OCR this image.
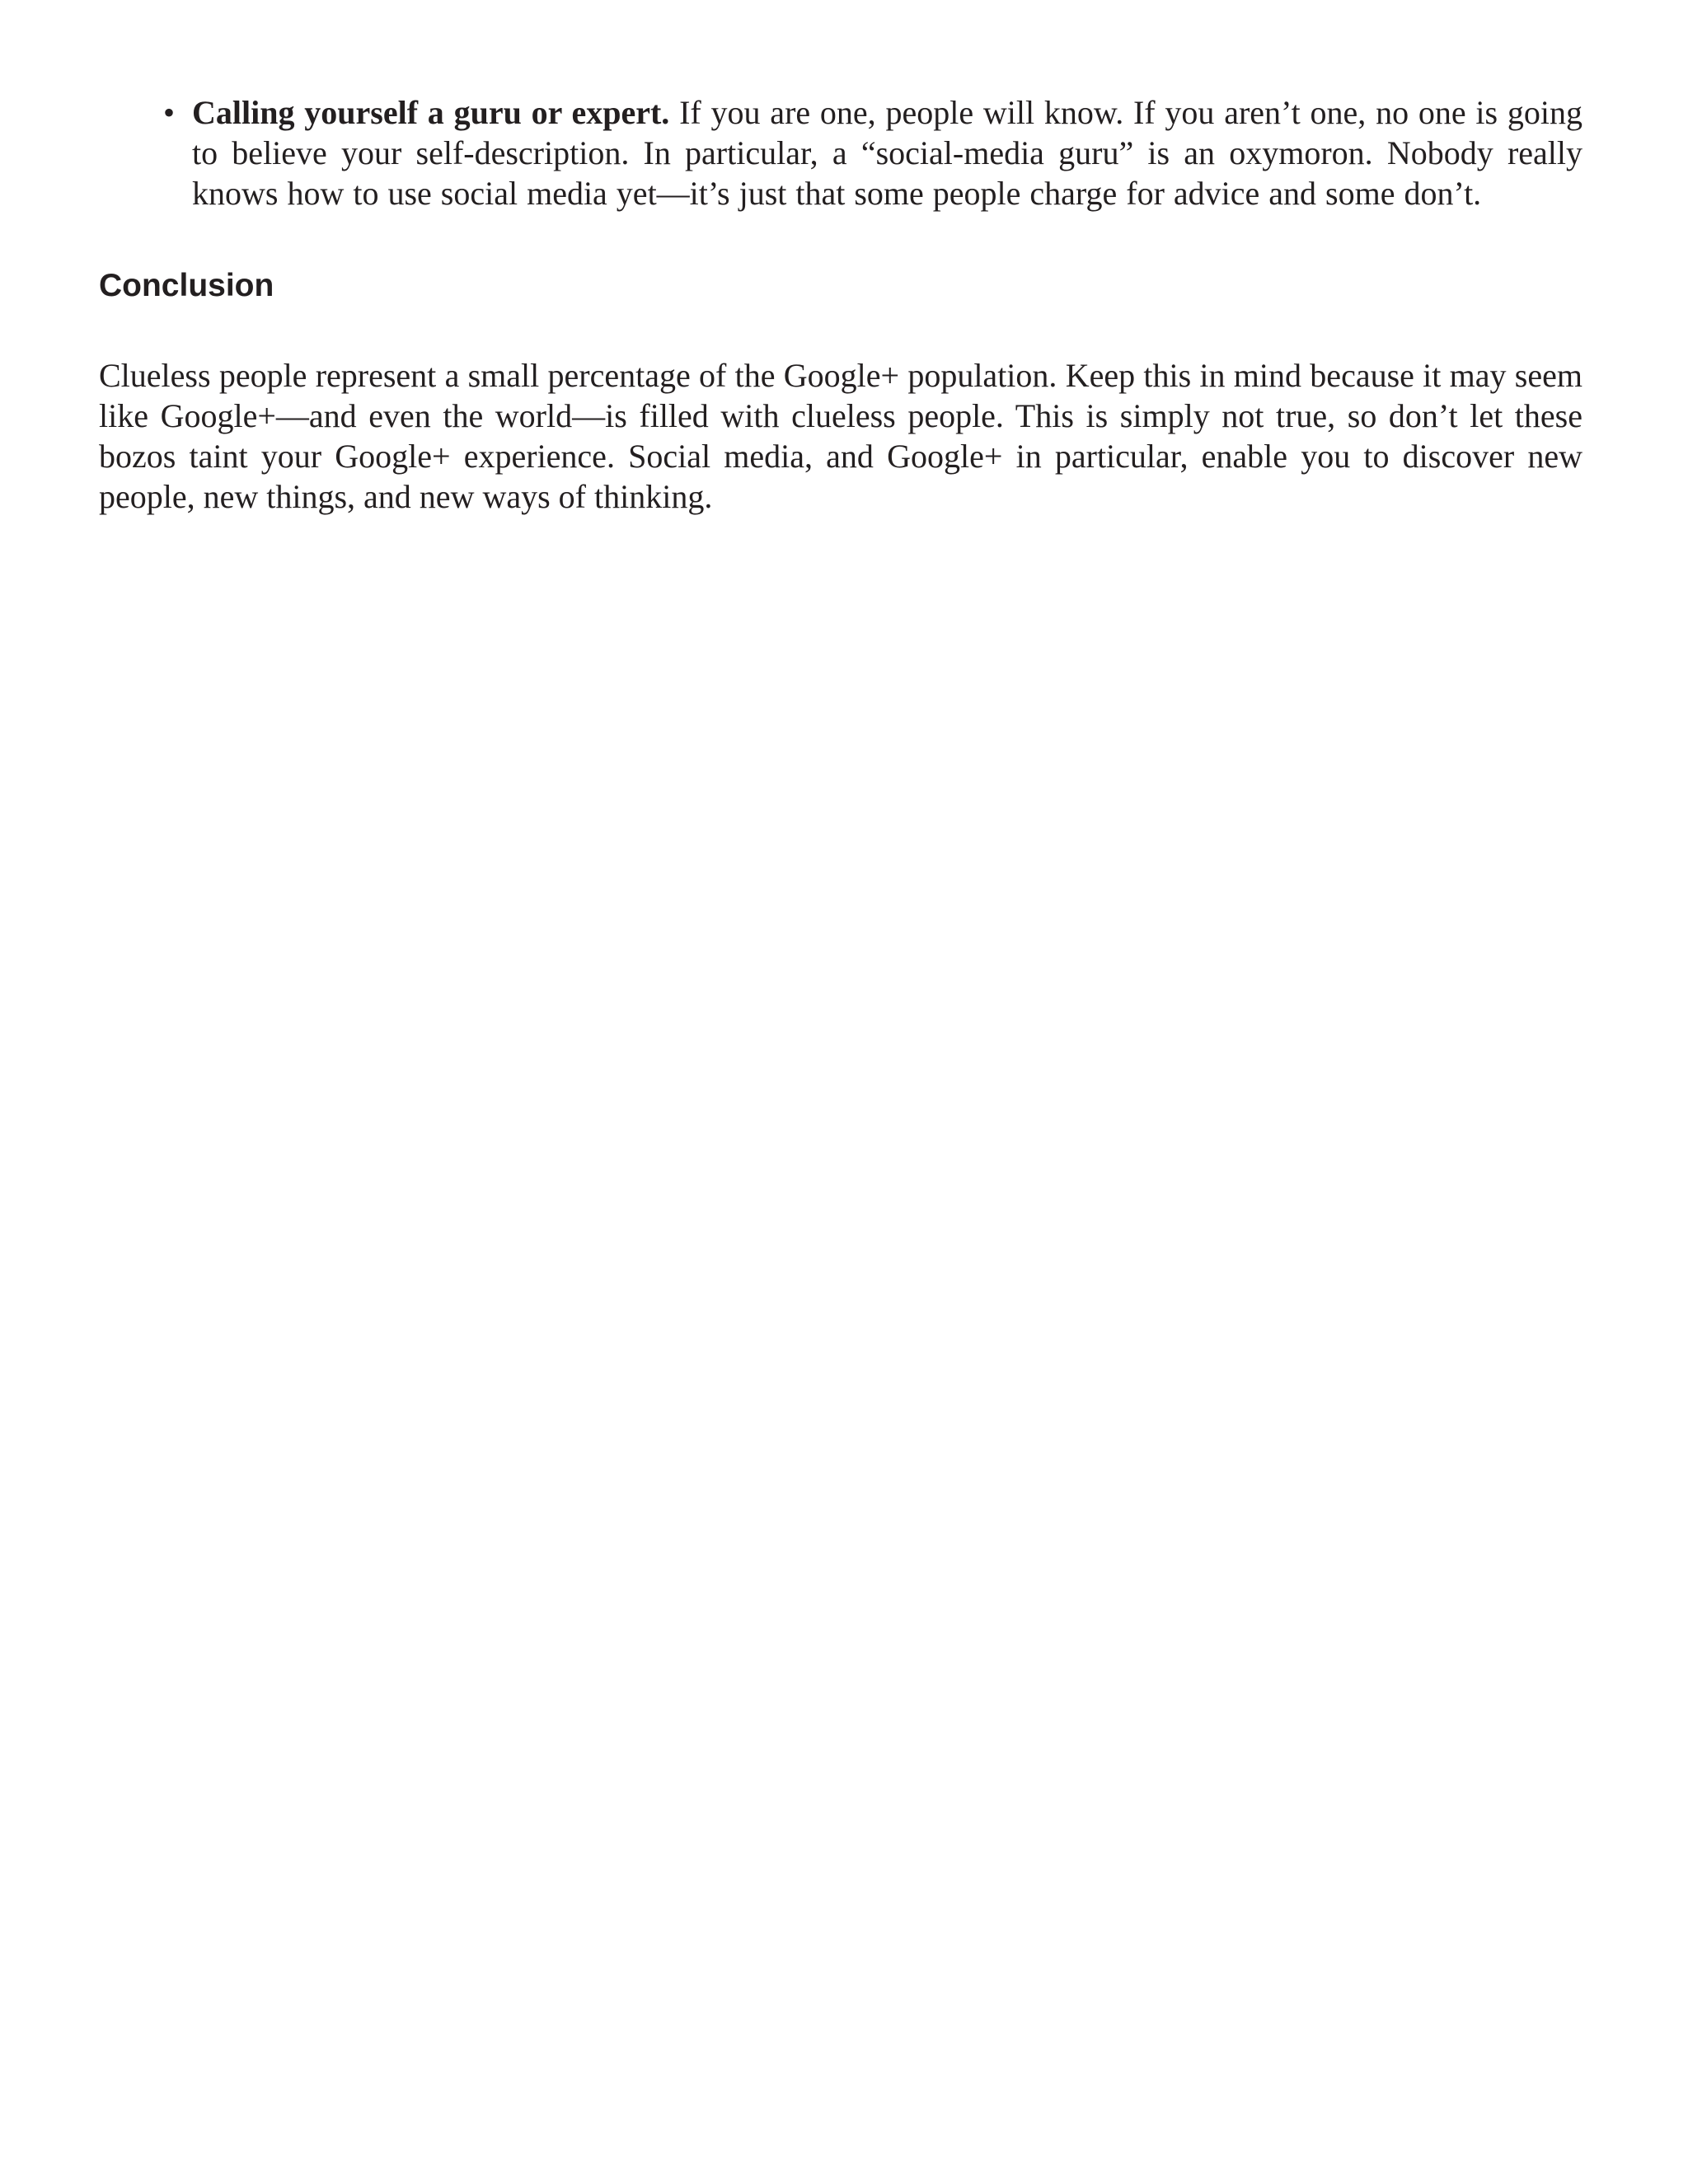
• Calling yourself a guru or expert. If you are one, people will know. If you aren’t one, no one is going to believe your self-description. In particular, a “social-media guru” is an oxymoron. Nobody really knows how to use social media yet—it’s just that some people charge for advice and some don’t.
Conclusion

Clueless people represent a small percentage of the Google+ population. Keep this in mind because it may seem like Google+—and even the world—is filled with clueless people. This is simply not true, so don’t let these bozos taint your Google+ experience. Social media, and Google+ in particular, enable you to discover new people, new things, and new ways of thinking.
